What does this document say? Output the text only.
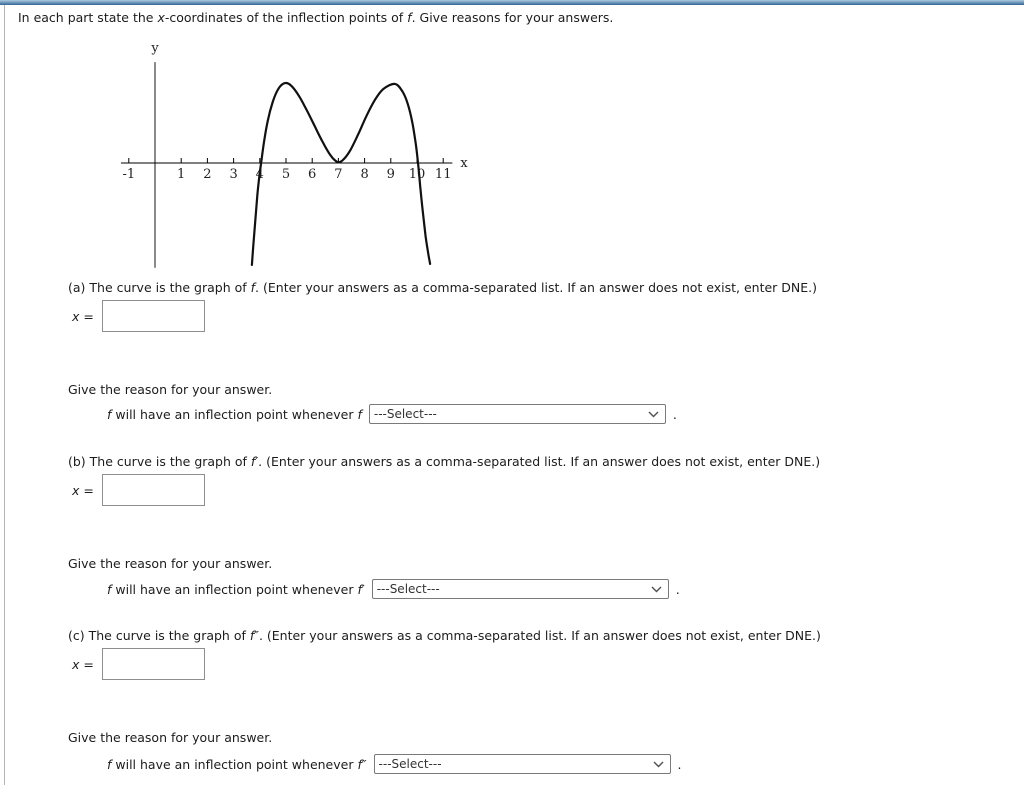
In each part state the x-coordinates of the inflection points of f. Give reasons for your answers.
-1	1 2 3 4 5 6 7 8 9 10 11
x
y
(a) The curve is the graph of f. (Enter your answers as a comma-separated list. If an answer does not exist, enter DNE.)
x =
Give the reason for your answer.
f will have an inflection point whenever f ---Select---	.
(b) The curve is the graph of f′. (Enter your answers as a comma-separated list. If an answer does not exist, enter DNE.)
x =
Give the reason for your answer.
f will have an inflection point whenever f′ ---Select---	.
(c) The curve is the graph of f″. (Enter your answers as a comma-separated list. If an answer does not exist, enter DNE.)
x =
Give the reason for your answer.
f will have an inflection point whenever f″ ---Select---	.
